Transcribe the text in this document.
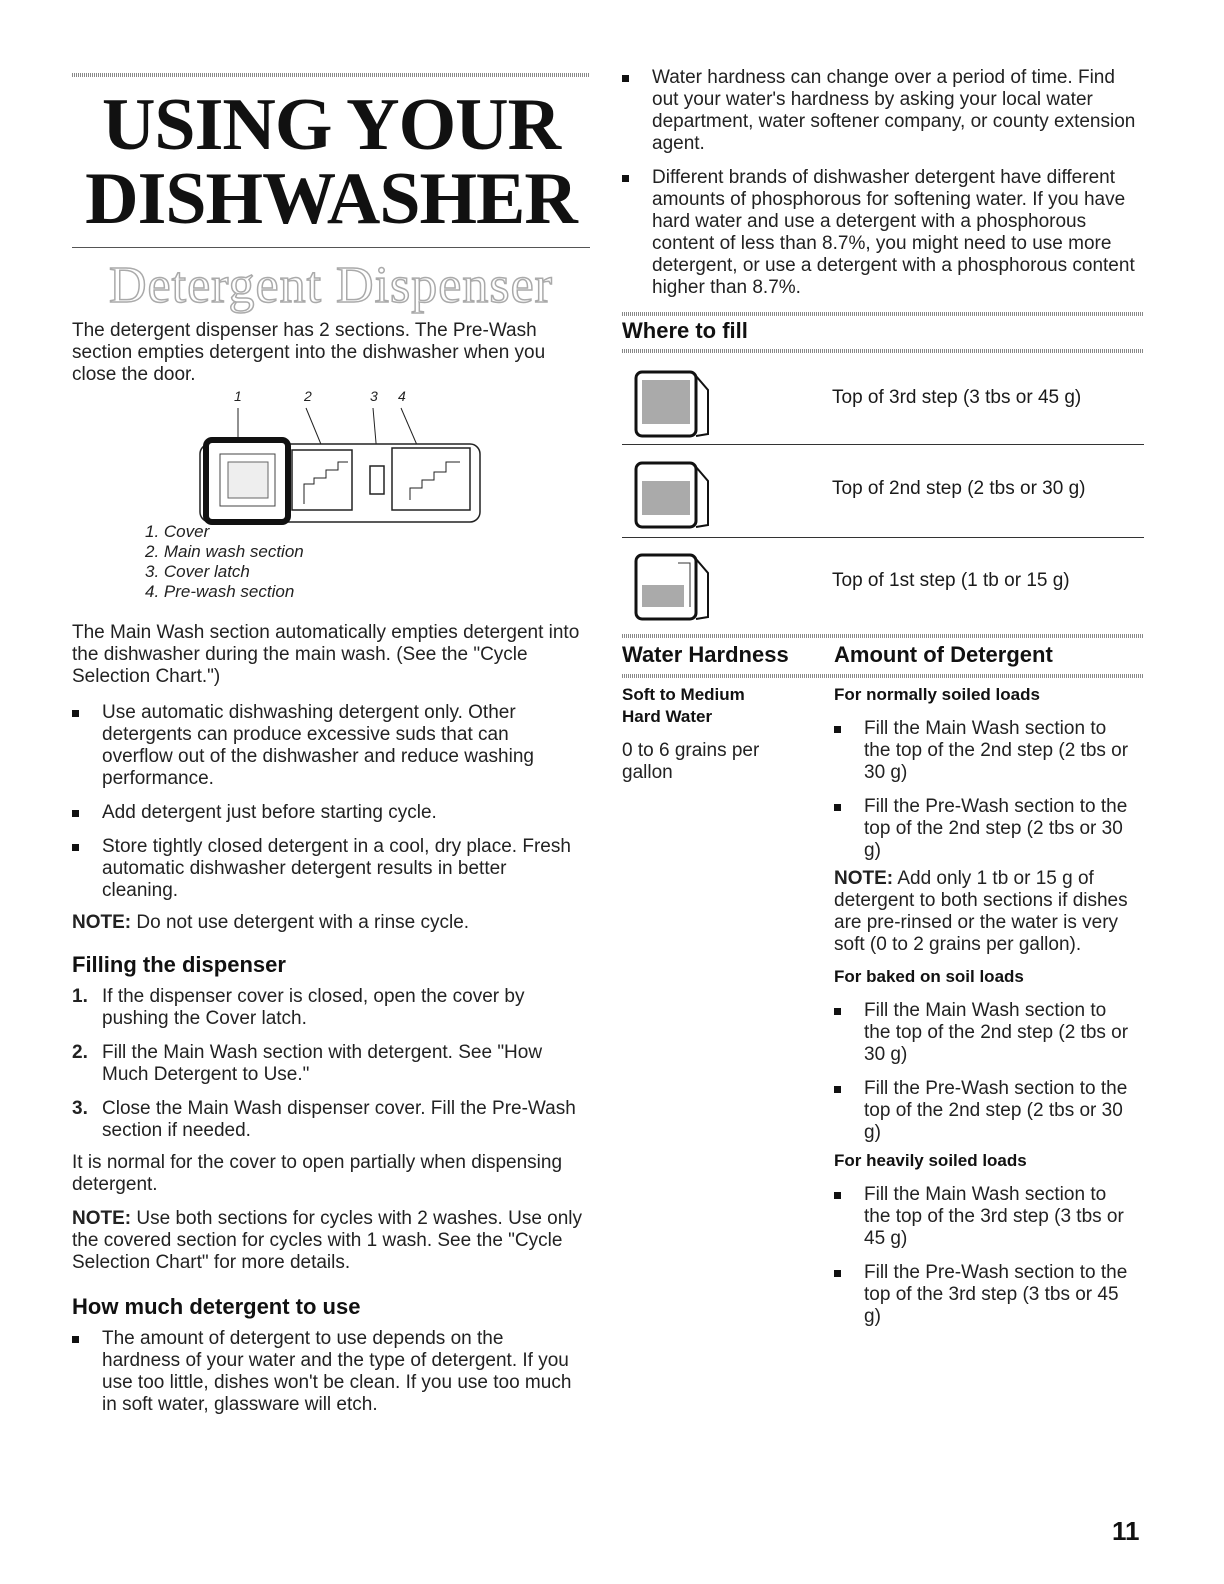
USING YOUR
DISHWASHER
Detergent Dispenser
The detergent dispenser has 2 sections. The Pre-Wash section empties detergent into the dishwasher when you close the door.
1	2	3 4
1. Cover
2. Main wash section
3. Cover latch
4. Pre-wash section

The Main Wash section automatically empties detergent into the dishwasher during the main wash. (See the "Cycle Selection Chart.")

Use automatic dishwashing detergent only. Other detergents can produce excessive suds that can overflow out of the dishwasher and reduce washing performance.
Add detergent just before starting cycle.
Store tightly closed detergent in a cool, dry place. Fresh automatic dishwasher detergent results in better cleaning.

NOTE: Do not use detergent with a rinse cycle.

Filling the dispenser
1. If the dispenser cover is closed, open the cover by pushing the Cover latch.
2. Fill the Main Wash section with detergent. See "How Much Detergent to Use."
3. Close the Main Wash dispenser cover. Fill the Pre-Wash section if needed.

It is normal for the cover to open partially when dispensing detergent.

NOTE: Use both sections for cycles with 2 washes. Use only the covered section for cycles with 1 wash. See the "Cycle Selection Chart" for more details.

How much detergent to use
The amount of detergent to use depends on the hardness of your water and the type of detergent. If you use too little, dishes won't be clean. If you use too much in soft water, glassware will etch.
Water hardness can change over a period of time. Find out your water's hardness by asking your local water department, water softener company, or county extension agent.
Different brands of dishwasher detergent have different amounts of phosphorous for softening water. If you have hard water and use a detergent with a phosphorous content of less than 8.7%, you might need to use more detergent, or use a detergent with a phosphorous content higher than 8.7%.
Where to fill
Top of 3rd step (3 tbs or 45 g)
Top of 2nd step (2 tbs or 30 g)
Top of 1st step (1 tb or 15 g)
Water Hardness Amount of Detergent
Soft to Medium Hard Water
0 to 6 grains per gallon
For normally soiled loads
Fill the Main Wash section to the top of the 2nd step (2 tbs or 30 g)
Fill the Pre-Wash section to the top of the 2nd step (2 tbs or 30 g)

NOTE: Add only 1 tb or 15 g of detergent to both sections if dishes are pre-rinsed or the water is very soft (0 to 2 grains per gallon).

For baked on soil loads
Fill the Main Wash section to the top of the 2nd step (2 tbs or 30 g)
Fill the Pre-Wash section to the top of the 2nd step (2 tbs or 30 g)
For heavily soiled loads
Fill the Main Wash section to the top of the 3rd step (3 tbs or 45 g)
Fill the Pre-Wash section to the top of the 3rd step (3 tbs or 45 g)
11
